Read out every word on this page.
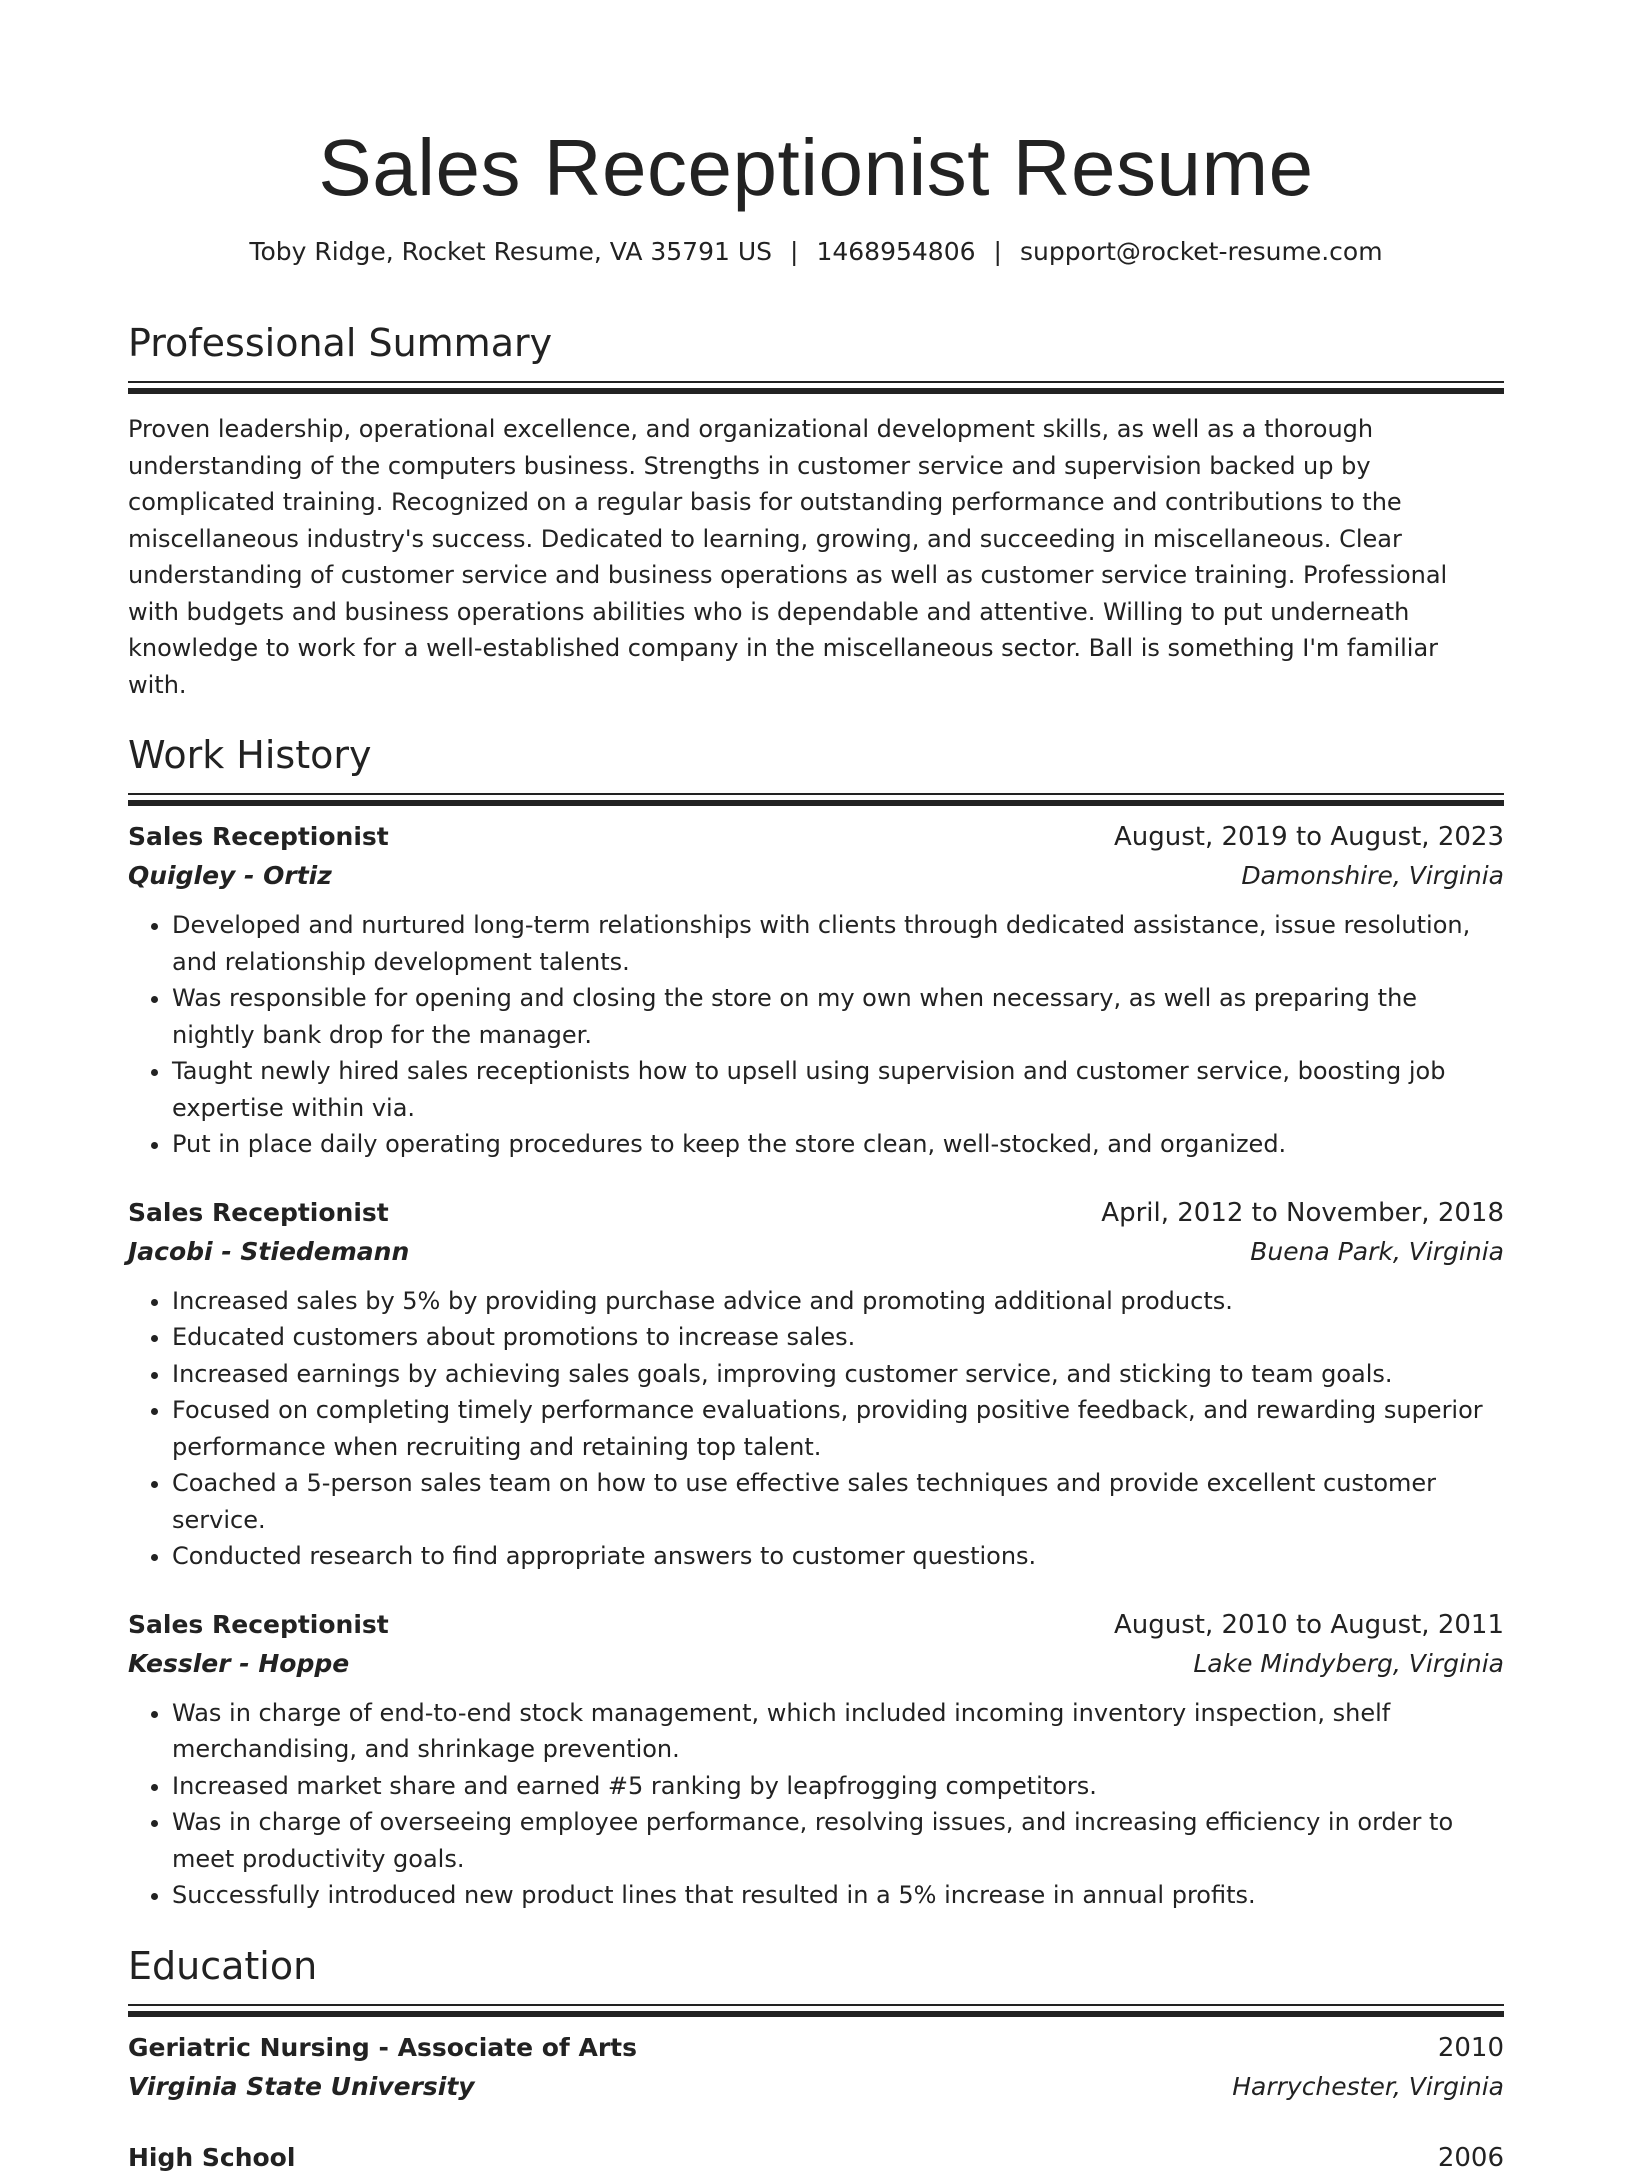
Sales Receptionist Resume
Toby Ridge, Rocket Resume, VA 35791 US | 1468954806 | support@rocket-resume.com
Professional Summary

Proven leadership, operational excellence, and organizational development skills, as well as a thorough understanding of the computers business. Strengths in customer service and supervision backed up by complicated training. Recognized on a regular basis for outstanding performance and contributions to the miscellaneous industry's success. Dedicated to learning, growing, and succeeding in miscellaneous. Clear understanding of customer service and business operations as well as customer service training. Professional with budgets and business operations abilities who is dependable and attentive. Willing to put underneath knowledge to work for a well-established company in the miscellaneous sector. Ball is something I'm familiar with.

Work History
Sales Receptionist	August, 2019 to August, 2023
Quigley - Ortiz	Damonshire, Virginia
• Developed and nurtured long-term relationships with clients through dedicated assistance, issue resolution, and relationship development talents.
• Was responsible for opening and closing the store on my own when necessary, as well as preparing the nightly bank drop for the manager.
• Taught newly hired sales receptionists how to upsell using supervision and customer service, boosting job expertise within via.
• Put in place daily operating procedures to keep the store clean, well-stocked, and organized.
Sales Receptionist	April, 2012 to November, 2018
Jacobi - Stiedemann	Buena Park, Virginia
• Increased sales by 5% by providing purchase advice and promoting additional products.
• Educated customers about promotions to increase sales.
• Increased earnings by achieving sales goals, improving customer service, and sticking to team goals.
• Focused on completing timely performance evaluations, providing positive feedback, and rewarding superior performance when recruiting and retaining top talent.
• Coached a 5-person sales team on how to use effective sales techniques and provide excellent customer service.
• Conducted research to find appropriate answers to customer questions.
Sales Receptionist	August, 2010 to August, 2011
Kessler - Hoppe	Lake Mindyberg, Virginia
• Was in charge of end-to-end stock management, which included incoming inventory inspection, shelf merchandising, and shrinkage prevention.
• Increased market share and earned #5 ranking by leapfrogging competitors.
• Was in charge of overseeing employee performance, resolving issues, and increasing efficiency in order to meet productivity goals.
• Successfully introduced new product lines that resulted in a 5% increase in annual profits.
Education
Geriatric Nursing - Associate of Arts	2010
Virginia State University	Harrychester, Virginia
High School	2006
